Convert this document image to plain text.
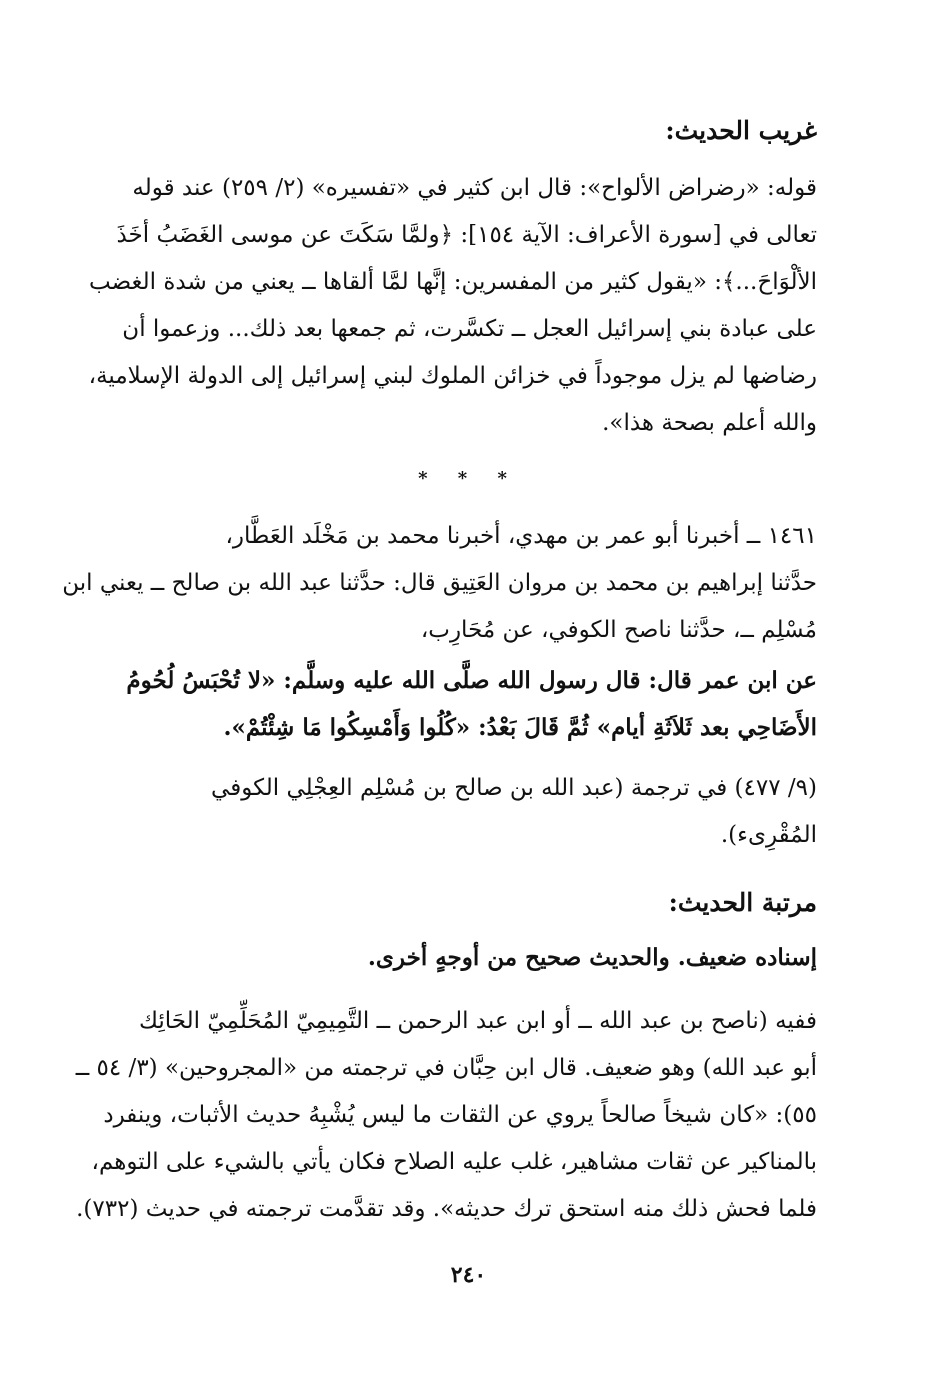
غريب الحديث:
قوله: «رضراض الألواح»: قال ابن كثير في «تفسيره» (٢/ ٢٥٩) عند قوله
تعالى في [سورة الأعراف: الآية ١٥٤]: ﴿ولمَّا سَكَتَ عن موسى الغَضَبُ أخَذَ
الألْوَاحَ...﴾: «يقول كثير من المفسرين: إنَّها لمَّا ألقاها ــ يعني من شدة الغضب
على عبادة بني إسرائيل العجل ــ تكسَّرت، ثم جمعها بعد ذلك... وزعموا أن
رضاضها لم يزل موجوداً في خزائن الملوك لبني إسرائيل إلى الدولة الإسلامية،
والله أعلم بصحة هذا».
* * *
١٤٦١ ــ أخبرنا أبو عمر بن مهدي، أخبرنا محمد بن مَخْلَد العَطَّار،
حدَّثنا إبراهيم بن محمد بن مروان العَتِيق قال: حدَّثنا عبد الله بن صالح ــ يعني ابن
مُسْلِم ــ، حدَّثنا ناصح الكوفي، عن مُحَارِب،
عن ابن عمر قال: قال رسول الله صلَّى الله عليه وسلَّم: «لا تُحْبَسُ لُحُومُ
الأَضَاحِي بعد ثَلاَثَةِ أيام» ثُمَّ قَالَ بَعْدُ: «كُلُوا وَأَمْسِكُوا مَا شِئْتُمْ».
(٩/ ٤٧٧) في ترجمة (عبد الله بن صالح بن مُسْلِم العِجْلِي الكوفي
المُقْرِىء).
مرتبة الحديث:
إسناده ضعيف. والحديث صحيح من أوجهٍ أخرى.
ففيه (ناصح بن عبد الله ــ أو ابن عبد الرحمن ــ التَّمِيمِيّ المُحَلِّمِيّ الحَائِك
أبو عبد الله) وهو ضعيف. قال ابن حِبَّان في ترجمته من «المجروحين» (٣/ ٥٤ ــ
٥٥): «كان شيخاً صالحاً يروي عن الثقات ما ليس يُشْبِهُ حديث الأثبات، وينفرد
بالمناكير عن ثقات مشاهير، غلب عليه الصلاح فكان يأتي بالشيء على التوهم،
فلما فحش ذلك منه استحق ترك حديثه». وقد تقدَّمت ترجمته في حديث (٧٣٢).
٢٤٠
